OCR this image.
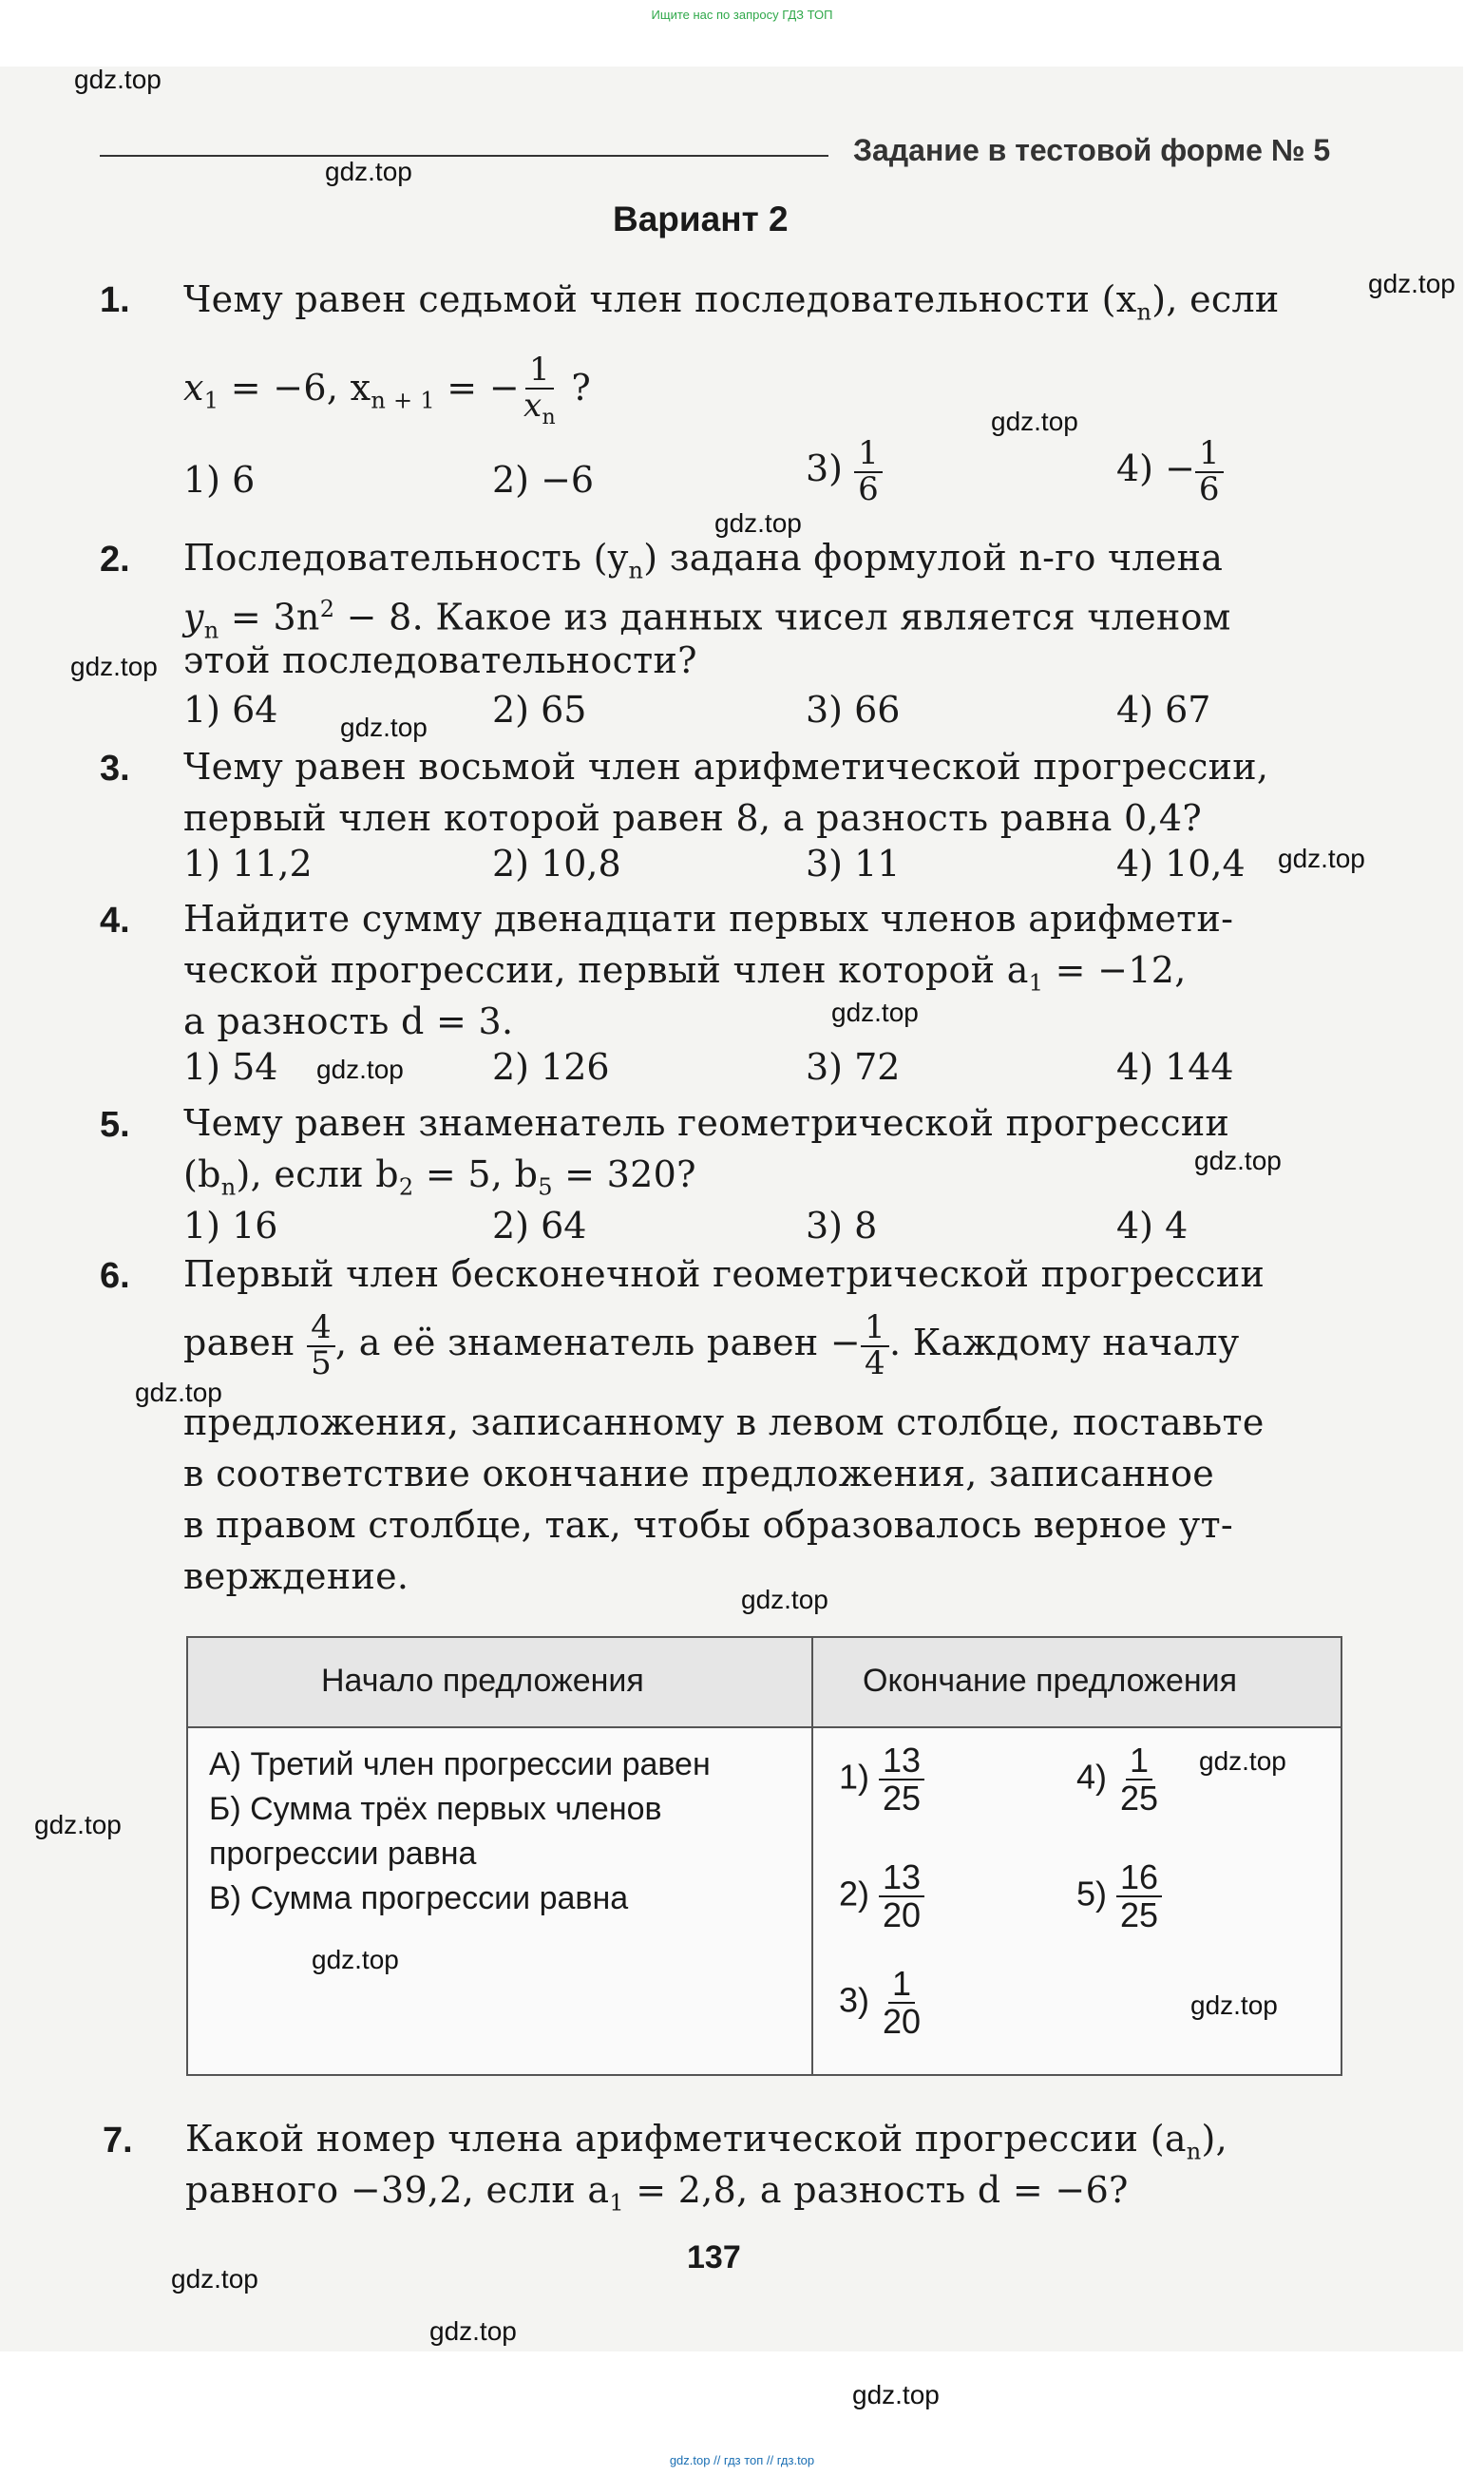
Ищите нас по запросу ГДЗ ТОП
gdz.top
Задание в тестовой форме № 5
gdz.top
Вариант 2
gdz.top
1. Чему равен седьмой член последовательности $(x_n)$, если
$x_1 = -6$, $x_{n + 1}$ = − $\frac{1}{x_n}$ ?
1) 6	2) −6	$3) \frac{1}{6}$	$4) - \frac{1}{6}$
gdz.top
gdz.top
2. Последовательность $(y_n)$ задана формулой n-го члена
$y_n = 3n^2 - 8$. Какое из данных чисел является членом
этой последовательности?
gdz.top
1) 64	2) 65	3) 66	4) 67
gdz.top
3. Чему равен восьмой член арифметической прогрессии,
первый член которой равен 8, а разность равна 0,4?
1) 11,2	2) 10,8	3) 11	4) 10,4 gdz.top
4. Найдите сумму двенадцати первых членов арифмети-
ческой прогрессии, первый член которой $a_1 = -12$,
а разность d = 3.	gdz.top
1) 54 gdz.top 2) 126	3) 72	4) 144
5. Чему равен знаменатель геометрической прогрессии
$(b_n)$, если $b_2 = 5$, $b_5 = 320$?	gdz.top
1) 16	2) 64	3) 8	4) 4
6. Первый член бесконечной геометрической прогрессии
равен $\frac{4}{5}$ , а её знаменатель равен − $\frac{1}{4}$ . Каждому началу
gdz.top
предложения, записанному в левом столбце, поставьте
в соответствие окончание предложения, записанное
в правом столбце, так, чтобы образовалось верное ут-
верждение.
gdz.top
Начало предложения	Окончание предложения
А) Третий член прогрессии равен
Б) Сумма трёх первых членов
прогрессии равна
В) Сумма прогрессии равна
$1) \frac{13}{25}$	$4) \frac{1}{25}$
$2) \frac{13}{20}$	$5) \frac{16}{25}$
$3) \frac{1}{20}$
gdz.top
gdz.top
gdz.top
gdz.top
7. Какой номер члена арифметической прогрессии $(a_n)$,
равного −39,2, если $a_1 = 2,8$, а разность d = −6?
gdz.top
137
gdz.top
gdz.top
gdz.top // гдз топ // гдз.top
